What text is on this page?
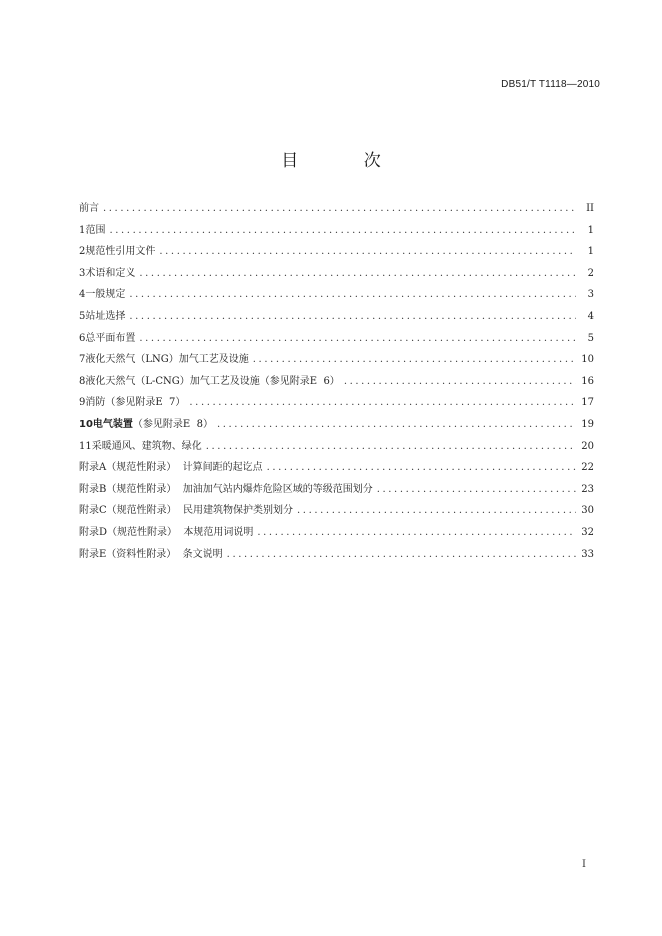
DB51/T T1118—2010
目 次
前言 .....	II
1 范围 .....	1
2 规范性引用文件 .....	1
3 术语和定义 .....	2
4 一般规定 .....	3
5 站址选择 .....	4
6 总平面布置 .....	5
7 液化天然气（LNG）加气工艺及设施 .....	10
8 液化天然气（L-CNG）加气工艺及设施（参见附录E  6） .....	16
9 消防（参见附录E  7） .....	17
10电气装置（参见附录E  8） .....	19
11 采暖通风、建筑物、绿化 .....	20
附录A（规范性附录）  计算间距的起讫点 .....	22
附录B（规范性附录）  加油加气站内爆炸危险区域的等级范围划分 .....	23
附录C（规范性附录）  民用建筑物保护类别划分 .....	30
附录D（规范性附录）  本规范用词说明 .....	32
附录E（资料性附录）  条文说明 .....	33
I
